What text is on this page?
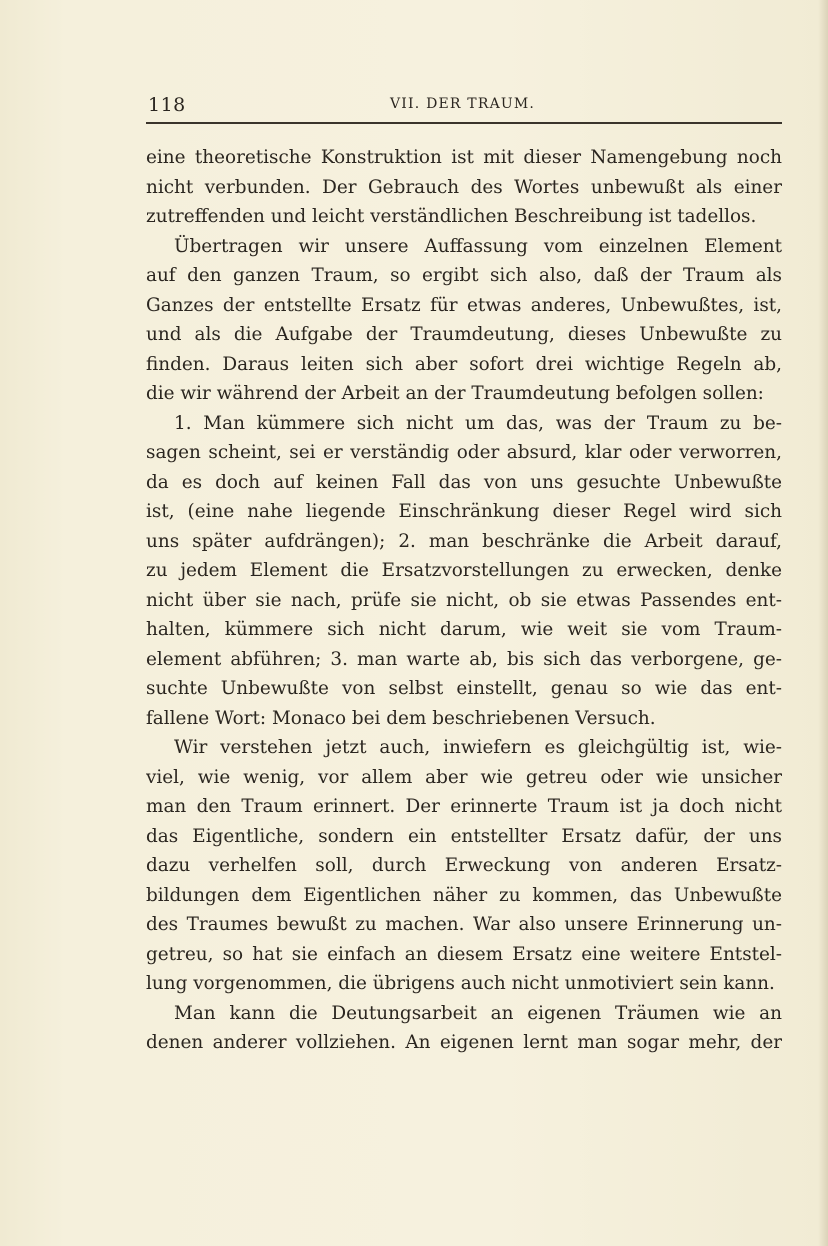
118	VII. DER TRAUM.
eine theoretische Konstruktion ist mit dieser Namengebung noch
nicht verbunden. Der Gebrauch des Wortes unbewußt als einer
zutreffenden und leicht verständlichen Beschreibung ist tadellos.
Übertragen wir unsere Auffassung vom einzelnen Element
auf den ganzen Traum, so ergibt sich also, daß der Traum als
Ganzes der entstellte Ersatz für etwas anderes, Unbewußtes, ist,
und als die Aufgabe der Traumdeutung, dieses Unbewußte zu
finden. Daraus leiten sich aber sofort drei wichtige Regeln ab,
die wir während der Arbeit an der Traumdeutung befolgen sollen:
1. Man kümmere sich nicht um das, was der Traum zu be-
sagen scheint, sei er verständig oder absurd, klar oder verworren,
da es doch auf keinen Fall das von uns gesuchte Unbewußte
ist, (eine nahe liegende Einschränkung dieser Regel wird sich
uns später aufdrängen); 2. man beschränke die Arbeit darauf,
zu jedem Element die Ersatzvorstellungen zu erwecken, denke
nicht über sie nach, prüfe sie nicht, ob sie etwas Passendes ent-
halten, kümmere sich nicht darum, wie weit sie vom Traum-
element abführen; 3. man warte ab, bis sich das verborgene, ge-
suchte Unbewußte von selbst einstellt, genau so wie das ent-
fallene Wort: Monaco bei dem beschriebenen Versuch.
Wir verstehen jetzt auch, inwiefern es gleichgültig ist, wie-
viel, wie wenig, vor allem aber wie getreu oder wie unsicher
man den Traum erinnert. Der erinnerte Traum ist ja doch nicht
das Eigentliche, sondern ein entstellter Ersatz dafür, der uns
dazu verhelfen soll, durch Erweckung von anderen Ersatz-
bildungen dem Eigentlichen näher zu kommen, das Unbewußte
des Traumes bewußt zu machen. War also unsere Erinnerung un-
getreu, so hat sie einfach an diesem Ersatz eine weitere Entstel-
lung vorgenommen, die übrigens auch nicht unmotiviert sein kann.
Man kann die Deutungsarbeit an eigenen Träumen wie an
denen anderer vollziehen. An eigenen lernt man sogar mehr, der
